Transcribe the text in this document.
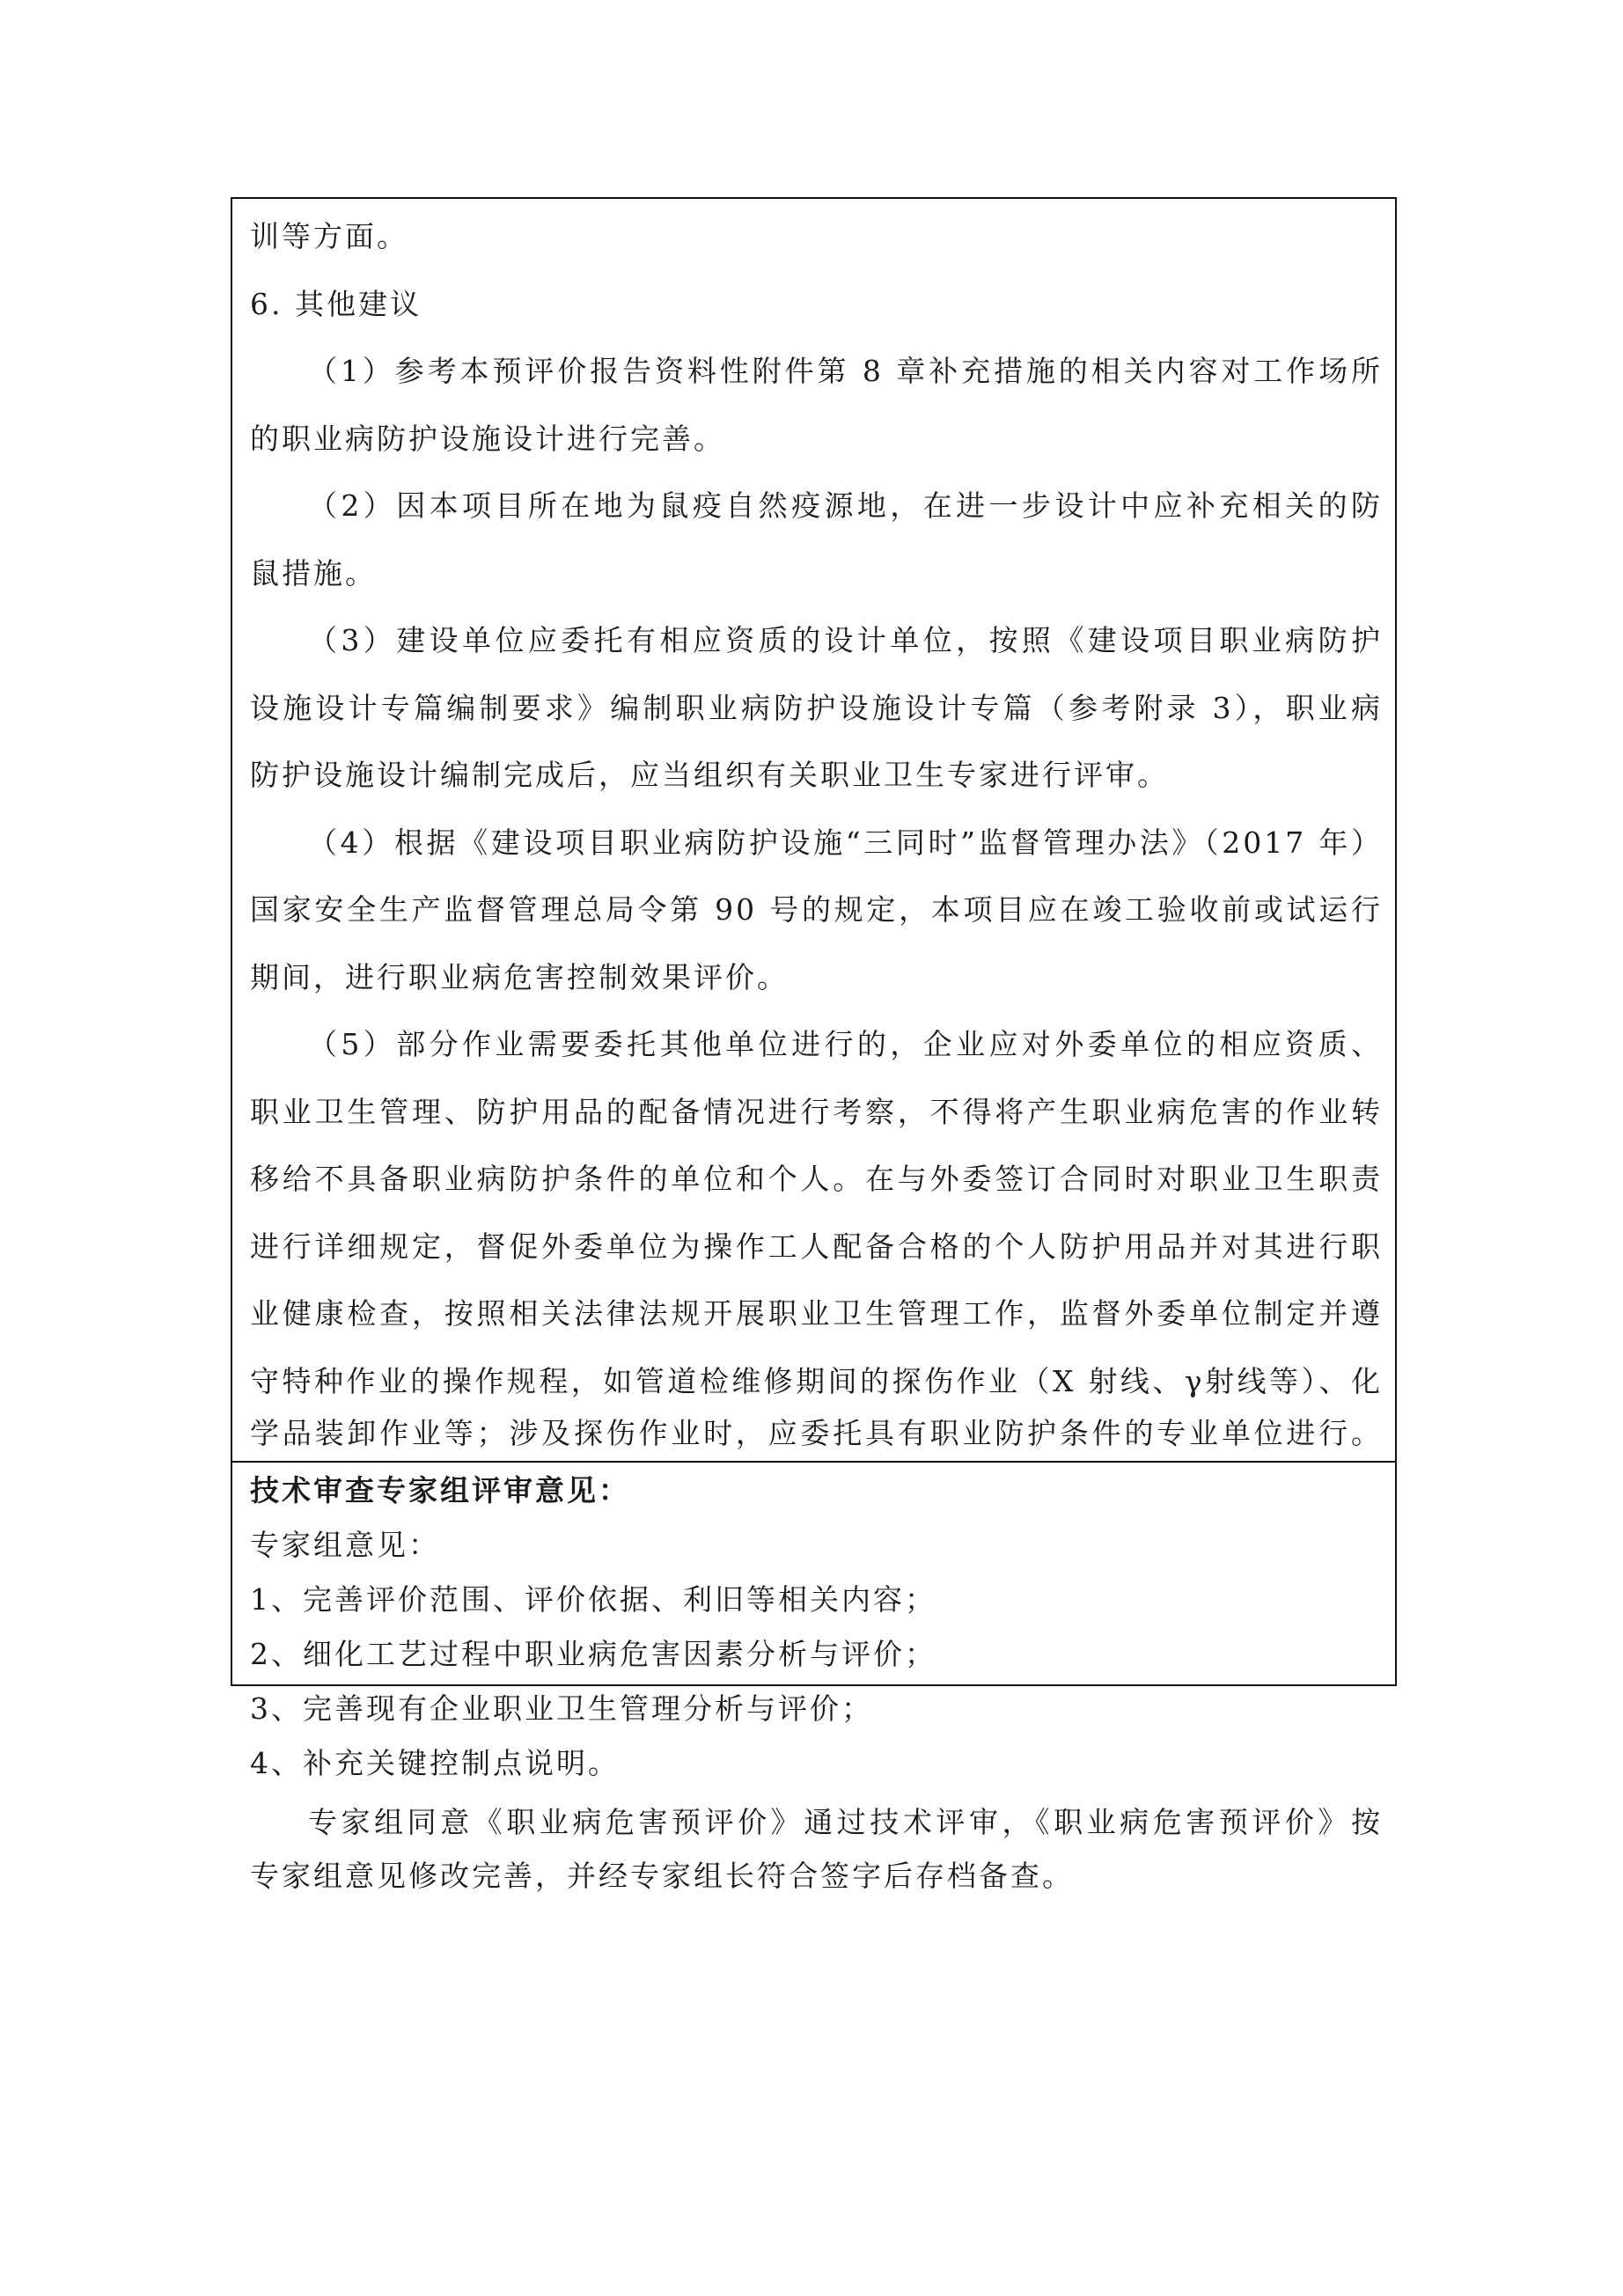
训等方面。
6. 其他建议
（1）参考本预评价报告资料性附件第 8 章补充措施的相关内容对工作场所
的职业病防护设施设计进行完善。
（2）因本项目所在地为鼠疫自然疫源地，在进一步设计中应补充相关的防
鼠措施。
（3）建设单位应委托有相应资质的设计单位，按照《建设项目职业病防护
设施设计专篇编制要求》编制职业病防护设施设计专篇（参考附录 3），职业病
防护设施设计编制完成后，应当组织有关职业卫生专家进行评审。
（4）根据《建设项目职业病防护设施“三同时”监督管理办法》（2017 年）
国家安全生产监督管理总局令第 90 号的规定，本项目应在竣工验收前或试运行
期间，进行职业病危害控制效果评价。
（5）部分作业需要委托其他单位进行的，企业应对外委单位的相应资质、
职业卫生管理、防护用品的配备情况进行考察，不得将产生职业病危害的作业转
移给不具备职业病防护条件的单位和个人。在与外委签订合同时对职业卫生职责
进行详细规定，督促外委单位为操作工人配备合格的个人防护用品并对其进行职
业健康检查，按照相关法律法规开展职业卫生管理工作，监督外委单位制定并遵
守特种作业的操作规程，如管道检维修期间的探伤作业（X 射线、γ射线等）、化
学品装卸作业等；涉及探伤作业时，应委托具有职业防护条件的专业单位进行。
技术审查专家组评审意见：
专家组意见：
1、完善评价范围、评价依据、利旧等相关内容；
2、细化工艺过程中职业病危害因素分析与评价；
3、完善现有企业职业卫生管理分析与评价；
4、补充关键控制点说明。
专家组同意《职业病危害预评价》通过技术评审，《职业病危害预评价》按
专家组意见修改完善，并经专家组长符合签字后存档备查。
